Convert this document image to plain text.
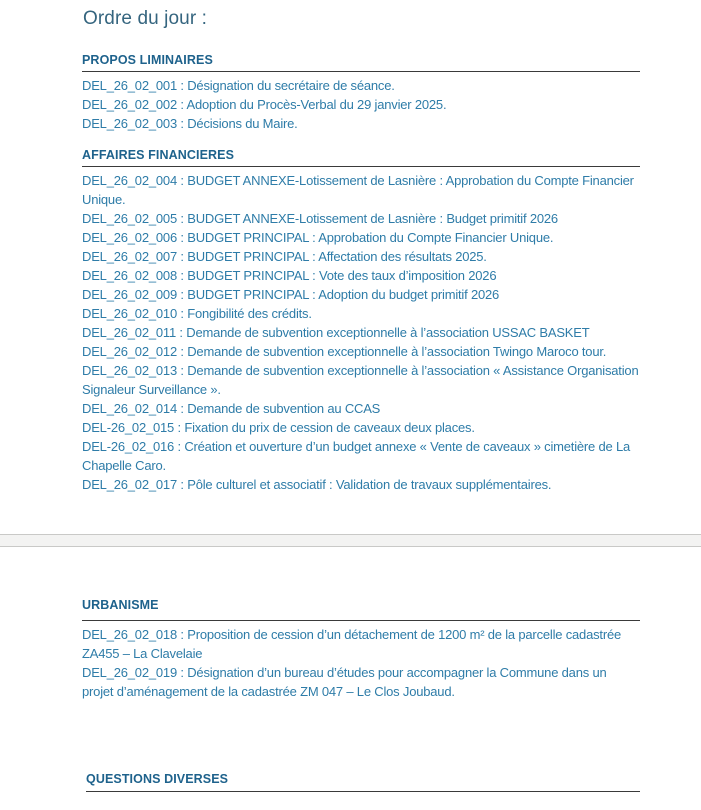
Ordre du jour :
PROPOS LIMINAIRES

DEL_26_02_001 : Désignation du secrétaire de séance.

DEL_26_02_002 : Adoption du Procès-Verbal du 29 janvier 2025.

DEL_26_02_003 : Décisions du Maire.

AFFAIRES FINANCIERES

DEL_26_02_004 : BUDGET ANNEXE-Lotissement de Lasnière : Approbation du Compte Financier Unique.

DEL_26_02_005 : BUDGET ANNEXE-Lotissement de Lasnière : Budget primitif 2026

DEL_26_02_006 : BUDGET PRINCIPAL : Approbation du Compte Financier Unique.

DEL_26_02_007 : BUDGET PRINCIPAL : Affectation des résultats 2025.

DEL_26_02_008 : BUDGET PRINCIPAL : Vote des taux d’imposition 2026

DEL_26_02_009 : BUDGET PRINCIPAL : Adoption du budget primitif 2026

DEL_26_02_010 : Fongibilité des crédits.

DEL_26_02_011 : Demande de subvention exceptionnelle à l’association USSAC BASKET

DEL_26_02_012 : Demande de subvention exceptionnelle à l’association Twingo Maroco tour.

DEL_26_02_013 : Demande de subvention exceptionnelle à l’association « Assistance Organisation Signaleur Surveillance ».

DEL_26_02_014 : Demande de subvention au CCAS

DEL-26_02_015 : Fixation du prix de cession de caveaux deux places.

DEL-26_02_016 : Création et ouverture d’un budget annexe « Vente de caveaux » cimetière de La Chapelle Caro.

DEL_26_02_017 : Pôle culturel et associatif : Validation de travaux supplémentaires.

URBANISME

DEL_26_02_018 : Proposition de cession d’un détachement de 1200 m² de la parcelle cadastrée ZA455 – La Clavelaie

DEL_26_02_019 : Désignation d’un bureau d’études pour accompagner la Commune dans un projet d’aménagement de la cadastrée ZM 047 – Le Clos Joubaud.

QUESTIONS DIVERSES
